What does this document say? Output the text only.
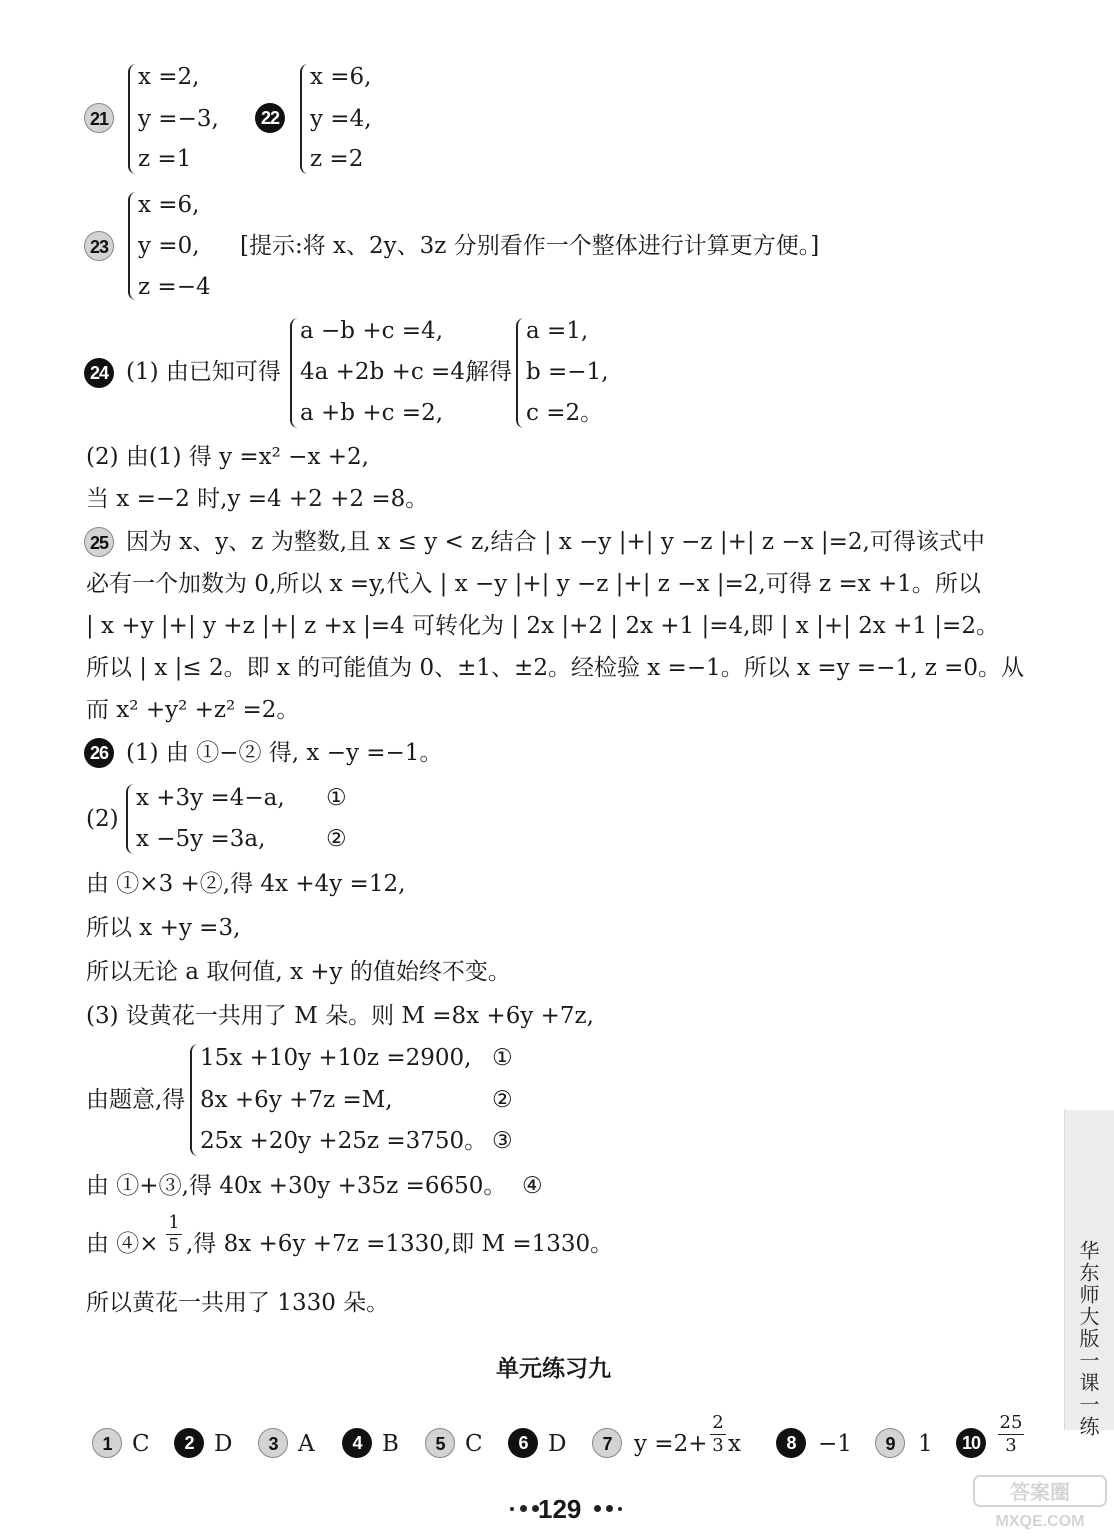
21
x =2,
y =−3,
z =1
22
x =6,
y =4,
z =2
23
x =6,
y =0,
z =−4
[提示:将 x、2y、3z 分别看作一个整体进行计算更方便。]
24 (1) 由已知可得
a −b +c =4,
4a +2b +c =4,
a +b +c =2,
解得
a =1,
b =−1,
c =2。
(2) 由(1) 得 y =x² −x +2,
当 x =−2 时,y =4 +2 +2 =8。
25 因为 x、y、z 为整数,且 x ≤ y < z,结合 | x −y |+| y −z |+| z −x |=2,可得该式中
必有一个加数为 0,所以 x =y,代入 | x −y |+| y −z |+| z −x |=2,可得 z =x +1。所以
| x +y |+| y +z |+| z +x |=4 可转化为 | 2x |+2 | 2x +1 |=4,即 | x |+| 2x +1 |=2。
所以 | x |≤ 2。即 x 的可能值为 0、±1、±2。经检验 x =−1。所以 x =y =−1, z =0。从
而 x² +y² +z² =2。
26 (1) 由 ①−② 得, x −y =−1。
(2)
x +3y =4−a, ①
x −5y =3a,	②
由 ①×3 +②,得 4x +4y =12,
所以 x +y =3,
所以无论 a 取何值, x +y 的值始终不变。
(3) 设黄花一共用了 M 朵。则 M =8x +6y +7z,
由题意,得
15x +10y +10z =2900, ①
8x +6y +7z =M,	②
25x +20y +25z =3750。 ③
由 ①+③,得 40x +30y +35z =6650。 ④
由 ④×
1
5 ,得 8x +6y +7z =1330,即 M =1330。
所以黄花一共用了 1330 朵。
单元练习九
1 C	2 D	3 A	4 B	5 C	6 D	7 y =2+
2
3 x	8 −1	9	1	10
25
3
华东师大版一课一练
129	MXQE.COM
答案圈
